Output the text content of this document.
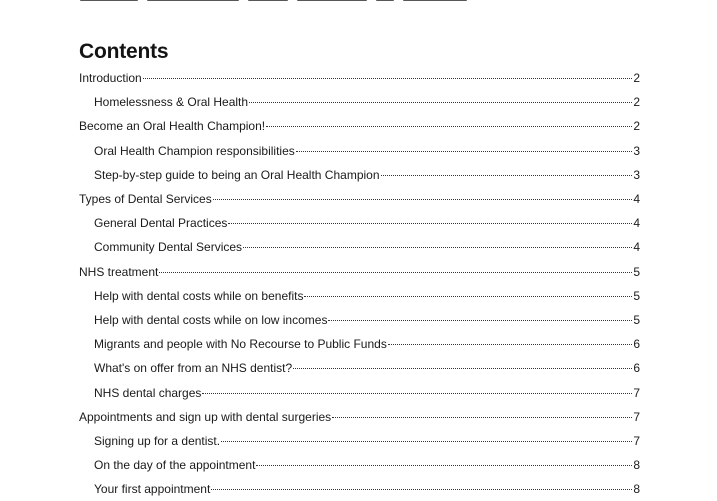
Contents
Introduction	2
Homelessness & Oral Health	2
Become an Oral Health Champion!	2
Oral Health Champion responsibilities	3
Step-by-step guide to being an Oral Health Champion	3
Types of Dental Services	4
General Dental Practices	4
Community Dental Services	4
NHS treatment	5
Help with dental costs while on benefits	5
Help with dental costs while on low incomes	5
Migrants and people with No Recourse to Public Funds	6
What's on offer from an NHS dentist?	6
NHS dental charges	7
Appointments and sign up with dental surgeries	7
Signing up for a dentist.	7
On the day of the appointment	8
Your first appointment	8
